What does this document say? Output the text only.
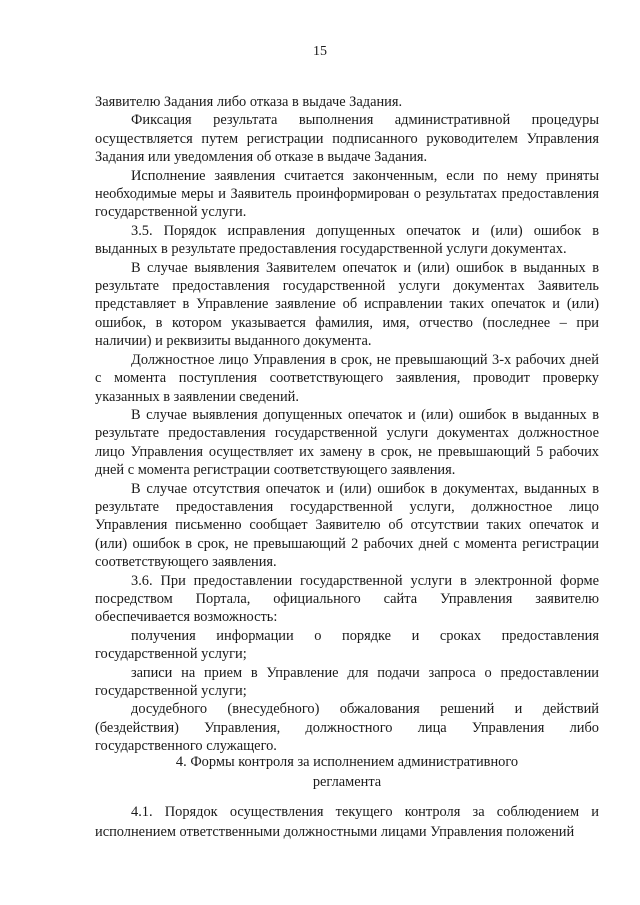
15

Заявителю Задания либо отказа в выдаче Задания.

Фиксация результата выполнения административной процедуры осуществляется путем регистрации подписанного руководителем Управления Задания или уведомления об отказе в выдаче Задания.

Исполнение заявления считается законченным, если по нему приняты необходимые меры и Заявитель проинформирован о результатах предоставления государственной услуги.

3.5. Порядок исправления допущенных опечаток и (или) ошибок в выданных в результате предоставления государственной услуги документах.

В случае выявления Заявителем опечаток и (или) ошибок в выданных в результате предоставления государственной услуги документах Заявитель представляет в Управление заявление об исправлении таких опечаток и (или) ошибок, в котором указывается фамилия, имя, отчество (последнее – при наличии) и реквизиты выданного документа.

Должностное лицо Управления в срок, не превышающий 3-х рабочих дней с момента поступления соответствующего заявления, проводит проверку указанных в заявлении сведений.

В случае выявления допущенных опечаток и (или) ошибок в выданных в результате предоставления государственной услуги документах должностное лицо Управления осуществляет их замену в срок, не превышающий 5 рабочих дней с момента регистрации соответствующего заявления.

В случае отсутствия опечаток и (или) ошибок в документах, выданных в результате предоставления государственной услуги, должностное лицо Управления письменно сообщает Заявителю об отсутствии таких опечаток и (или) ошибок в срок, не превышающий 2 рабочих дней с момента регистрации соответствующего заявления.

3.6. При предоставлении государственной услуги в электронной форме посредством Портала, официального сайта Управления заявителю обеспечивается возможность:

получения информации о порядке и сроках предоставления государственной услуги;

записи на прием в Управление для подачи запроса о предоставлении государственной услуги;

досудебного (внесудебного) обжалования решений и действий (бездействия) Управления, должностного лица Управления либо государственного служащего.

4. Формы контроля за исполнением административного
регламента

4.1. Порядок осуществления текущего контроля за соблюдением и исполнением ответственными должностными лицами Управления положений
